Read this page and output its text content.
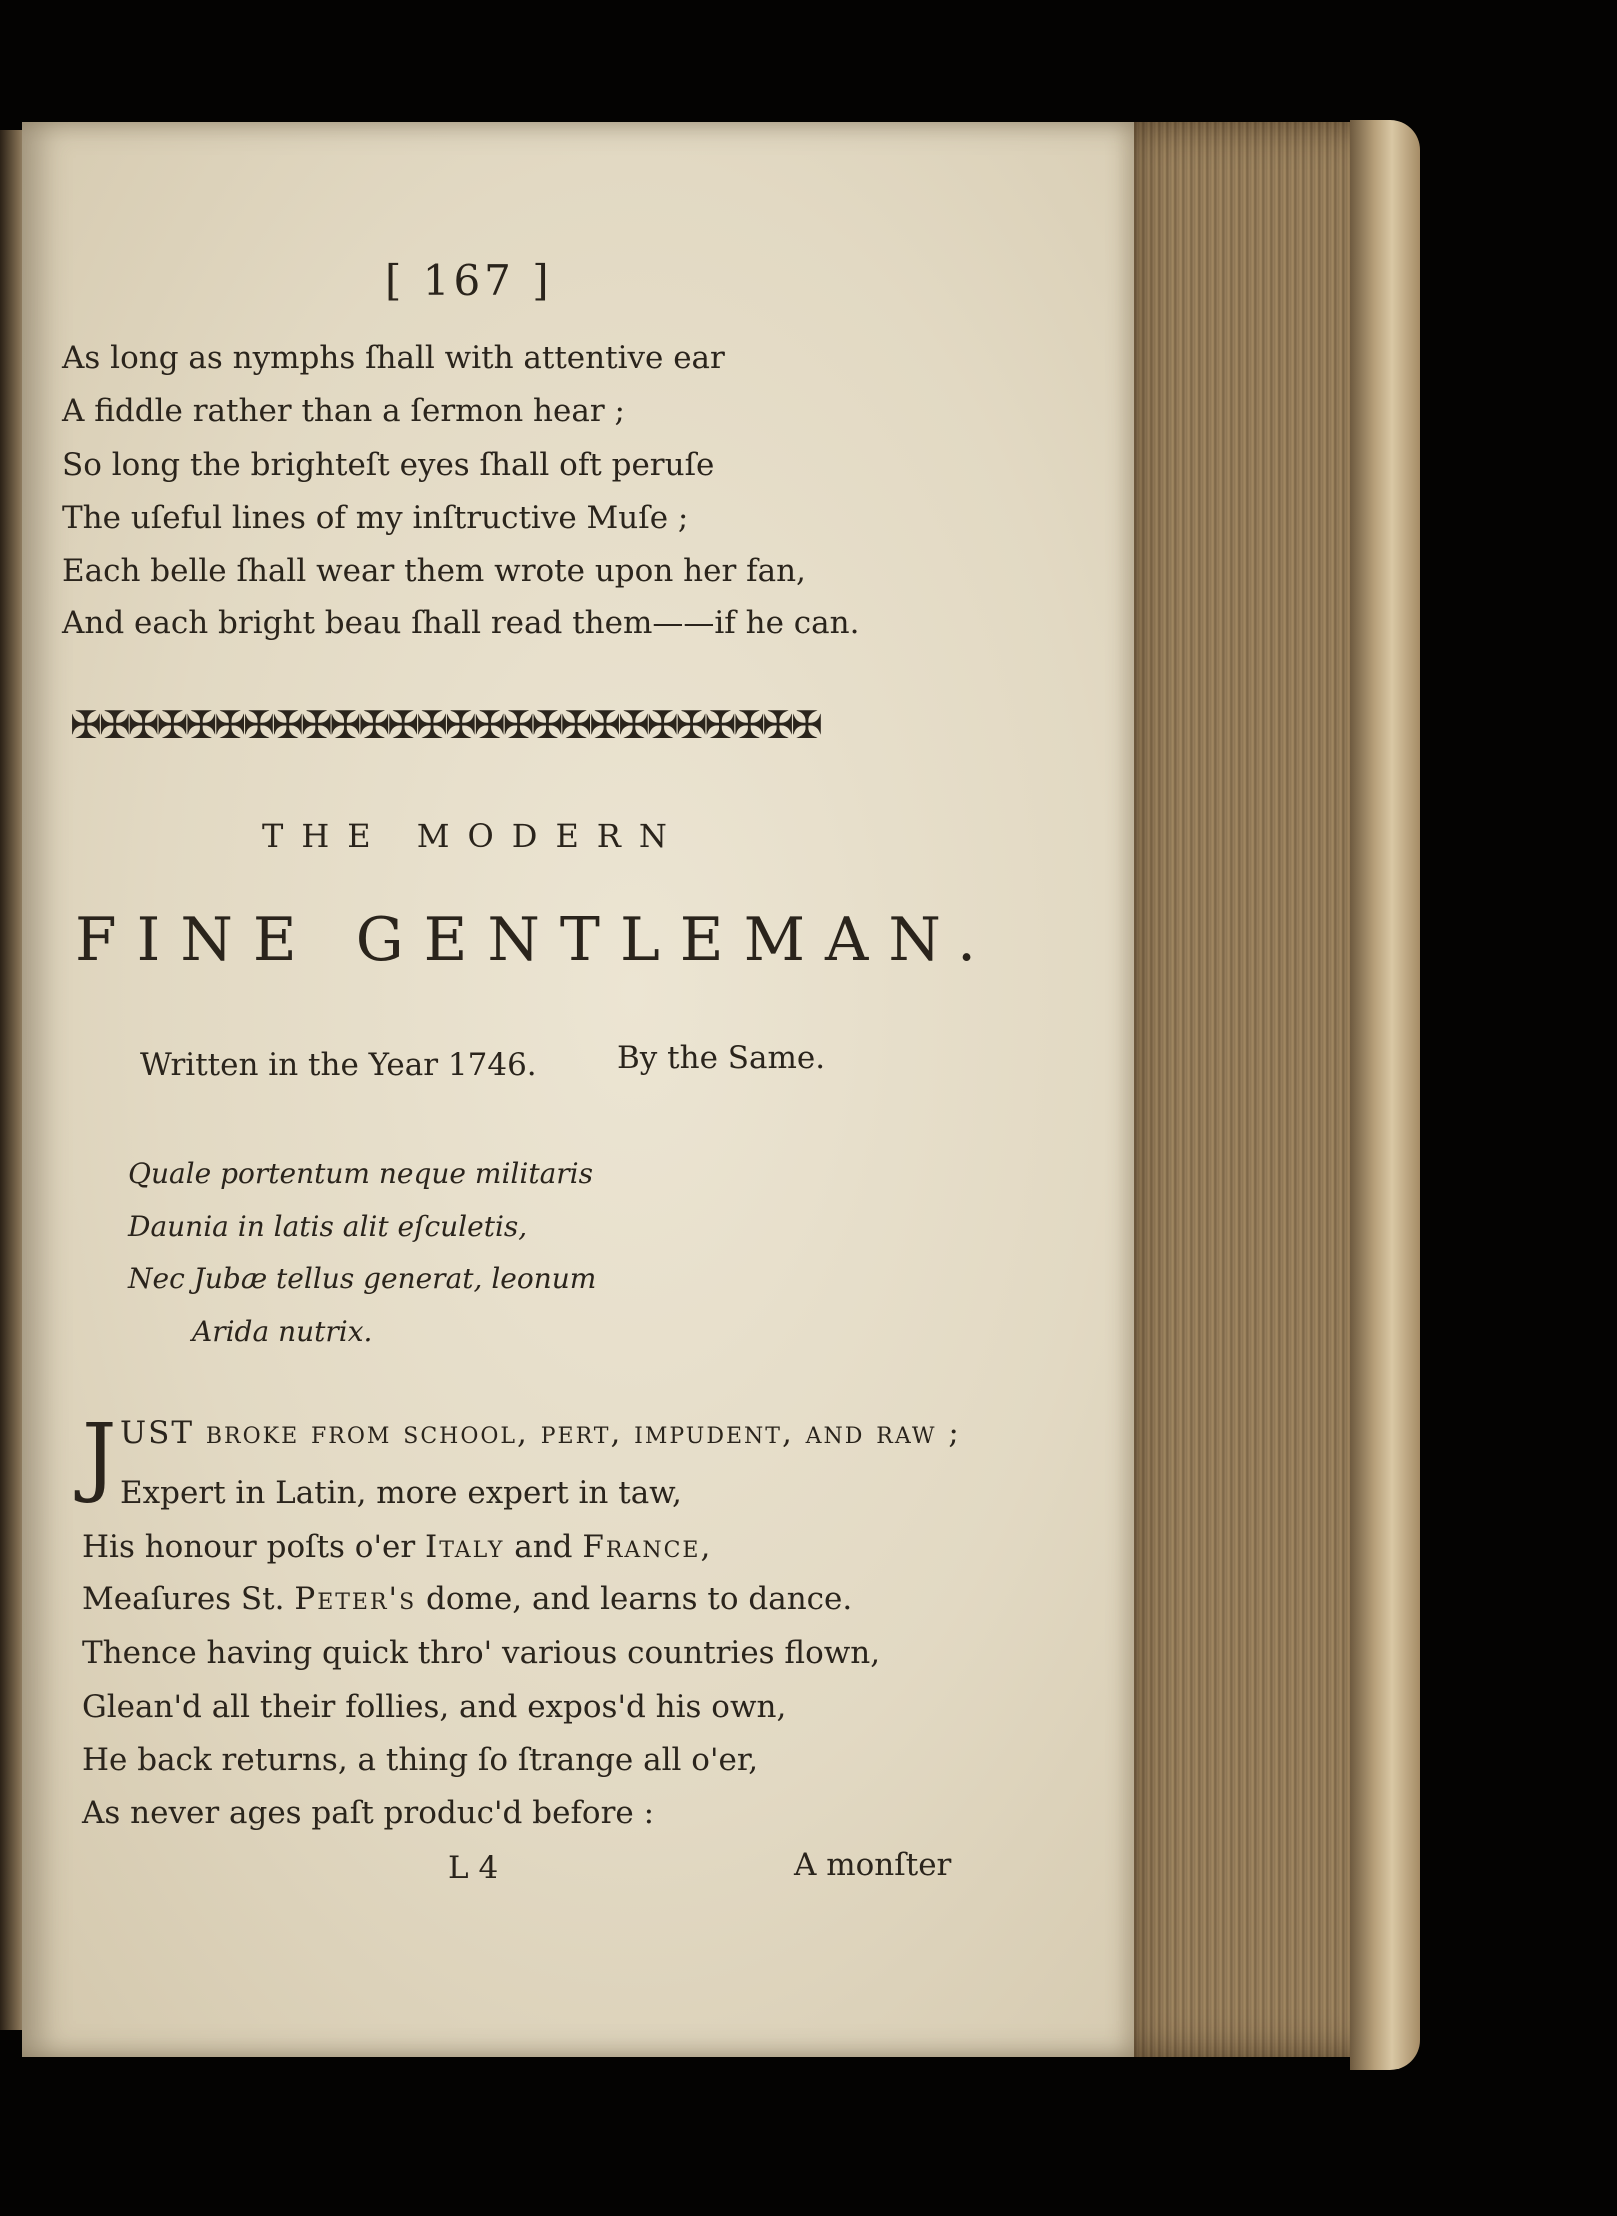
[ 167 ]
As long as nymphs ſhall with attentive ear
A fiddle rather than a ſermon hear ;
So long the brighteſt eyes ſhall oft peruſe
The uſeful lines of my inſtructive Muſe ;
Each belle ſhall wear them wrote upon her fan,
And each bright beau ſhall read them——if he can.
✠✠✠✠✠✠✠✠✠✠✠✠✠✠✠✠✠✠✠✠✠✠✠✠✠✠
THE MODERN
FINE GENTLEMAN.
Written in the Year 1746.	By the Same.
Quale portentum neque militaris
Daunia in latis alit eſculetis,
Nec Jubæ tellus generat, leonum
Arida nutrix.
J UST broke from ſchool, pert, impudent, and raw ;
Expert in Latin, more expert in taw,
His honour poſts o'er Italy and France,
Meaſures St. Peter's dome, and learns to dance.
Thence having quick thro' various countries flown,
Glean'd all their follies, and expos'd his own,
He back returns, a thing ſo ſtrange all o'er,
As never ages paſt produc'd before :
L 4	A monſter
